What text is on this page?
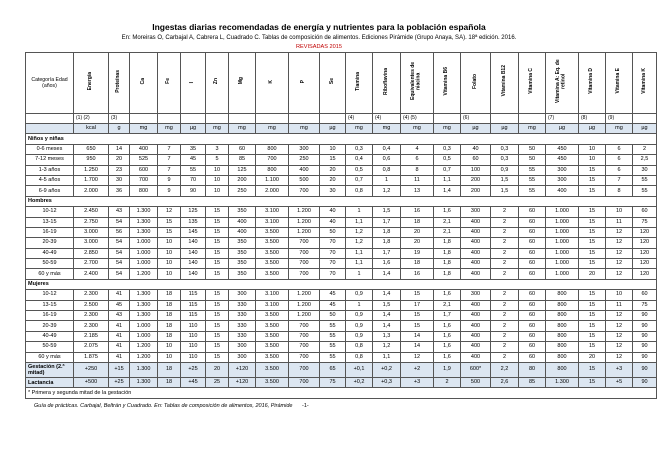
Ingestas diarias recomendadas de energía y nutrientes para la población española
En: Moreiras O, Carbajal A, Cabrera L, Cuadrado C. Tablas de composición de alimentos. Ediciones Pirámide (Grupo Anaya, SA). 18ª edición. 2016.
REVISADAS 2015
Categoría Edad (años)	Energía	Proteínas	Ca	Fe	I	Zn	Mg	K	P	Se	Tiamina	Riboflavina	Equivalentes de niacina	Vitamina B6	Folato	Vitamina B12	Vitamina C	Vitamina A: Eq. de retinol	Vitamina D	Vitamina E	Vitamina K
	(1) (2)	(3)									(4)	(4)	(4) (5)		(6)			(7)	(8)	(9)	
	kcal	g	mg	mg	µg	mg	mg	mg	mg	µg	mg	mg	mg	mg	µg	µg	mg	µg	µg	mg	µg
Niños y niñas																					
0-6 meses	650	14	400	7	35	3	60	800	300	10	0,3	0,4	4	0,3	40	0,3	50	450	10	6	2
7-12 meses	950	20	525	7	45	5	85	700	250	15	0,4	0,6	6	0,5	60	0,3	50	450	10	6	2,5
1-3 años	1.250	23	600	7	55	10	125	800	400	20	0,5	0,8	8	0,7	100	0,9	55	300	15	6	30
4-5 años	1.700	30	700	9	70	10	200	1.100	500	20	0,7	1	11	1,1	200	1,5	55	300	15	7	55
6-9 años	2.000	36	800	9	90	10	250	2.000	700	30	0,8	1,2	13	1,4	200	1,5	55	400	15	8	55
Hombres																					
10-12	2.450	43	1.300	12	125	15	350	3.100	1.200	40	1	1,5	16	1,6	300	2	60	1.000	15	10	60
13-15	2.750	54	1.300	15	135	15	400	3.100	1.200	40	1,1	1,7	18	2,1	400	2	60	1.000	15	11	75
16-19	3.000	56	1.300	15	145	15	400	3.500	1.200	50	1,2	1,8	20	2,1	400	2	60	1.000	15	12	120
20-39	3.000	54	1.000	10	140	15	350	3.500	700	70	1,2	1,8	20	1,8	400	2	60	1.000	15	12	120
40-49	2.850	54	1.000	10	140	15	350	3.500	700	70	1,1	1,7	19	1,8	400	2	60	1.000	15	12	120
50-59	2.700	54	1.000	10	140	15	350	3.500	700	70	1,1	1,6	18	1,8	400	2	60	1.000	15	12	120
60 y más	2.400	54	1.200	10	140	15	350	3.500	700	70	1	1,4	16	1,8	400	2	60	1.000	20	12	120
Mujeres																					
10-12	2.300	41	1.300	18	115	15	300	3.100	1.200	45	0,9	1,4	15	1,6	300	2	60	800	15	10	60
13-15	2.500	45	1.300	18	115	15	330	3.100	1.200	45	1	1,5	17	2,1	400	2	60	800	15	11	75
16-19	2.300	43	1.300	18	115	15	330	3.500	1.200	50	0,9	1,4	15	1,7	400	2	60	800	15	12	90
20-39	2.300	41	1.000	18	110	15	330	3.500	700	55	0,9	1,4	15	1,6	400	2	60	800	15	12	90
40-49	2.185	41	1.000	18	110	15	330	3.500	700	55	0,9	1,3	14	1,6	400	2	60	800	15	12	90
50-59	2.075	41	1.200	10	110	15	300	3.500	700	55	0,8	1,2	14	1,6	400	2	60	800	15	12	90
60 y más	1.875	41	1.200	10	110	15	300	3.500	700	55	0,8	1,1	12	1,6	400	2	60	800	20	12	90
Gestación (2.ª mitad)	+250	+15	1.300	18	+25	20	+120	3.500	700	65	+0,1	+0,2	+2	1,9	600*	2,2	80	800	15	+3	90
Lactancia	+500	+25	1.300	18	+45	25	+120	3.500	700	75	+0,2	+0,3	+3	2	500	2,6	85	1.300	15	+5	90
* Primera y segunda mitad de la gestación																					
Guía de prácticas. Carbajal, Beltrán y Cuadrado. En: Tablas de composición de alimentos, 2016, Pirámide -1-
